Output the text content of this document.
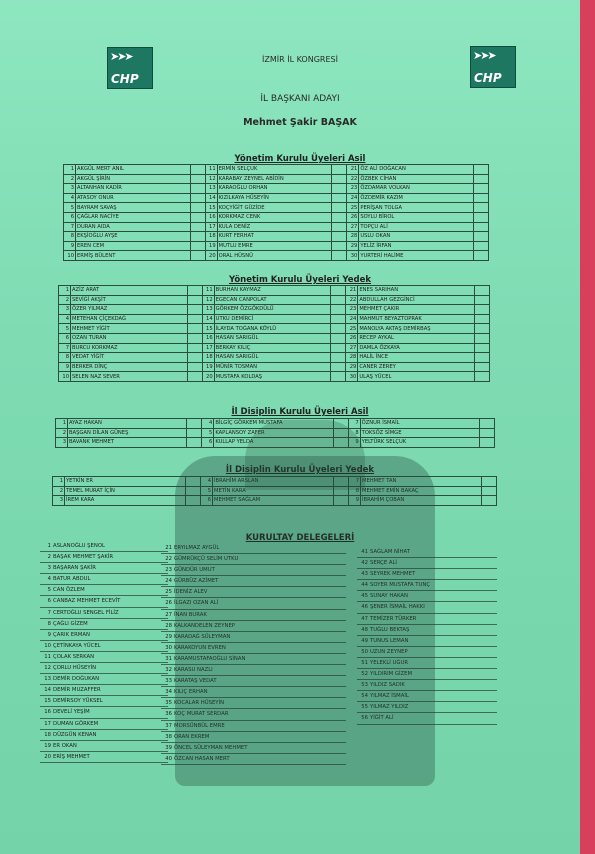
➤➤➤
CHP
➤➤➤
CHP
İZMİR İL KONGRESİ
İL BAŞKANI ADAYI
Mehmet Şakir BAŞAK
Yönetim Kurulu Üyeleri Asil
1	AKGÜL MERT ANIL		11	ERMİN SELÇUK		21	ÖZ ALİ DOĞACAN	
2	AKGÜL ŞİRİN		12	KARABAY ZEYNEL ABİDİN		22	ÖZBEK CİHAN	
3	ALTANHAN KADİR		13	KARAOĞLU ORHAN		23	ÖZDAMAR VOLKAN	
4	ATASOY ONUR		14	KIZILKAYA HÜSEYİN		24	ÖZDEMİR KAZIM	
5	BAYRAM SAVAŞ		15	KOÇYİĞİT GÜZİDE		25	PERİŞAN TOLGA	
6	ÇAĞLAR NACİYE		16	KORKMAZ CENK		26	SOYLU BİROL	
7	DURAN AIDA		17	KULA DENİZ		27	TOPÇU ALİ	
8	EKŞİOĞLU AYŞE		18	KURT FERHAT		28	USLU OKAN	
9	EREN CEM		19	MUTLU EMRE		29	YELİZ İRFAN	
10	ERMİŞ BÜLENT		20	ORAL HÜSNÜ		30	YURTERİ HALİME	
Yönetim Kurulu Üyeleri Yedek
1	AZİZ ARAT		11	BURHAN KAYMAZ		21	ENES SARIHAN	
2	SEVİĞİ AKŞİT		12	EGECAN CANPOLAT		22	ABDULLAH GEZGİNCİ	
3	ÖZER YILMAZ		13	GÖRKEM ÖZGÖKDÜLÜ		23	MEHMET ÇAKIR	
4	METEHAN ÇİÇEKDAĞ		14	UTKU DEMİRCİ		24	MAHMUT BEYAZTOPRAK	
5	MEHMET YİĞİT		15	İLAYDA TOĞANA KÖYLÜ		25	MANOLYA AKTAŞ DEMİRBAŞ	
6	OZAN TURAN		16	HASAN SARIGÜL		26	RECEP AYKAL	
7	BURCU KORKMAZ		17	BERKAY KILIÇ		27	DAMLA ÖZKAYA	
8	VEDAT YİĞİT		18	HASAN SARIGÜL		28	HALİL İNCE	
9	BERKER DİNÇ		19	MÜNİR TOSMAN		29	CANER ZEREY	
10	SELEN NAZ SEVER		20	MUSTAFA KOLDAŞ		30	ULAŞ YÜCEL	
İl Disiplin Kurulu Üyeleri Asil
1	AYAZ HAKAN		4	BİLGİÇ GÖRKEM MUSTAFA		7	ÖZNUR İSMAİL	
2	BAŞGAN DİLAN GÜNEŞ		5	KAPLANSOY ZAFER		8	TOKSÖZ SİMGE	
3	BAVANK MEHMET		6	KULLAP YELDA		9	YELTÜRK SELÇUK	
İl Disiplin Kurulu Üyeleri Yedek
1	YETKİN ER		4	İBRAHİM ARSLAN		7	MEHMET TAN	
2	TEMEL MURAT İÇİN		5	METİN KARA		8	MEHMET EMİN BAKAÇ	
3	İREM KARA		6	MEHMET SAĞLAM		9	İBRAHİM ÇOBAN	
KURULTAY DELEGELERİ
1 ASLANOĞLU ŞENOL
2 BAŞAK MEHMET ŞAKİR
3 BAŞARAN ŞAKİR
4 BATUR ABDUL
5 CAN ÖZLEM
6 CANBAZ MEHMET ECEVİT
7 CERTOĞLU SENGEL FİLİZ
8 ÇAĞLI GİZEM
9 ÇARIK ERMAN
10 ÇETİNKAYA YÜCEL
11 ÇOLAK SERKAN
12 ÇORLU HÜSEYİN
13 DEMİR DOĞUKAN
14 DEMİR MUZAFFER
15 DEMİRSOY YÜKSEL
16 DEVELİ YEŞİM
17 DUMAN GÖRKEM
18 DÜZGÜN KENAN
19 ER OKAN
20 ERİŞ MEHMET
21 ERYILMAZ AYGÜL
22 GÜMRÜKÇÜ SELİM UTKU
23 GÜNDÜR UMUT
24 GÜRBÜZ AZİMET
25 İDENİZ ALEV
26 İLGAZI OZAN ALİ
27 İNAN BURAK
28 KALKANDELEN ZEYNEP
29 KARADAĞ SÜLEYMAN
30 KARAKOYUN EVREN
31 KARAMUSTAFAOĞLU SİNAN
32 KARASU NAZLI
33 KARATAŞ VEDAT
34 KILIÇ ERHAN
35 KOCALAR HÜSEYİN
36 KOÇ MURAT SERDAR
37 MORSÜNBÜL EMRE
38 ORAN EKREM
39 ÖNCEL SÜLEYMAN MEHMET
40 ÖZCAN HASAN MERT
41 SAĞLAM NİHAT
42 SERÇE ALİ
43 SEYREK MEHMET
44 SOYER MUSTAFA TUNÇ
45 SUNAY HAKAN
46 ŞENER İSMAİL HAKKI
47 TEMİZER TÜRKER
48 TUĞLU BEKTAŞ
49 TUNUS LEMAN
50 UZUN ZEYNEP
51 YELEKLİ UĞUR
52 YILDIRIM GİZEM
53 YILDIZ SADIK
54 YILMAZ İSMAİL
55 YILMAZ YILDIZ
56 YİĞİT ALİ
